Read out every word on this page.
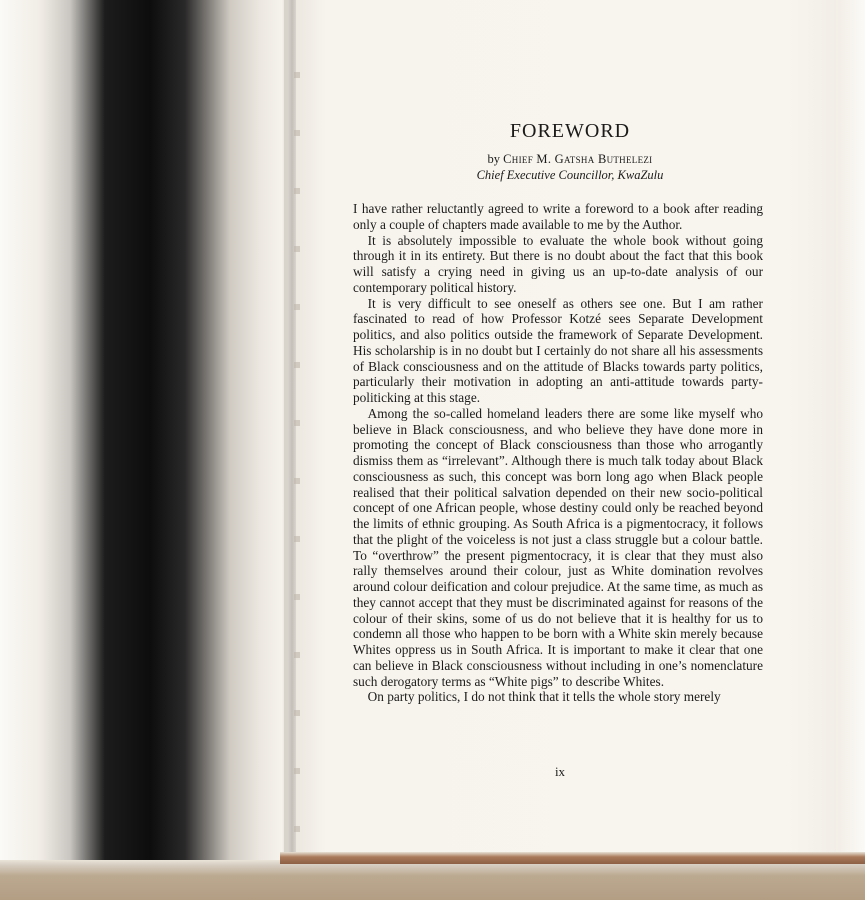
FOREWORD
by Chief M. Gatsha Buthelezi
Chief Executive Councillor, KwaZulu

I have rather reluctantly agreed to write a foreword to a book after reading only a couple of chapters made available to me by the Author.

It is absolutely impossible to evaluate the whole book without going through it in its entirety. But there is no doubt about the fact that this book will satisfy a crying need in giving us an up-to-date analysis of our contemporary political history.

It is very difficult to see oneself as others see one. But I am rather fascinated to read of how Professor Kotzé sees Separate Development politics, and also politics outside the framework of Separate Development. His scholarship is in no doubt but I certainly do not share all his assessments of Black consciousness and on the attitude of Blacks towards party politics, particularly their motivation in adopting an anti-attitude towards party-politicking at this stage.

Among the so-called homeland leaders there are some like myself who believe in Black consciousness, and who believe they have done more in promoting the concept of Black consciousness than those who arrogantly dismiss them as “irrelevant”. Although there is much talk today about Black consciousness as such, this concept was born long ago when Black people realised that their political salvation depended on their new socio-political concept of one African people, whose destiny could only be reached beyond the limits of ethnic grouping. As South Africa is a pigmentocracy, it follows that the plight of the voiceless is not just a class struggle but a colour battle. To “overthrow” the present pigmentocracy, it is clear that they must also rally themselves around their colour, just as White domination revolves around colour deification and colour prejudice. At the same time, as much as they cannot accept that they must be discriminated against for reasons of the colour of their skins, some of us do not believe that it is healthy for us to condemn all those who happen to be born with a White skin merely because Whites oppress us in South Africa. It is important to make it clear that one can believe in Black consciousness without including in one’s nomenclature such derogatory terms as “White pigs” to describe Whites.

On party politics, I do not think that it tells the whole story merely

ix
